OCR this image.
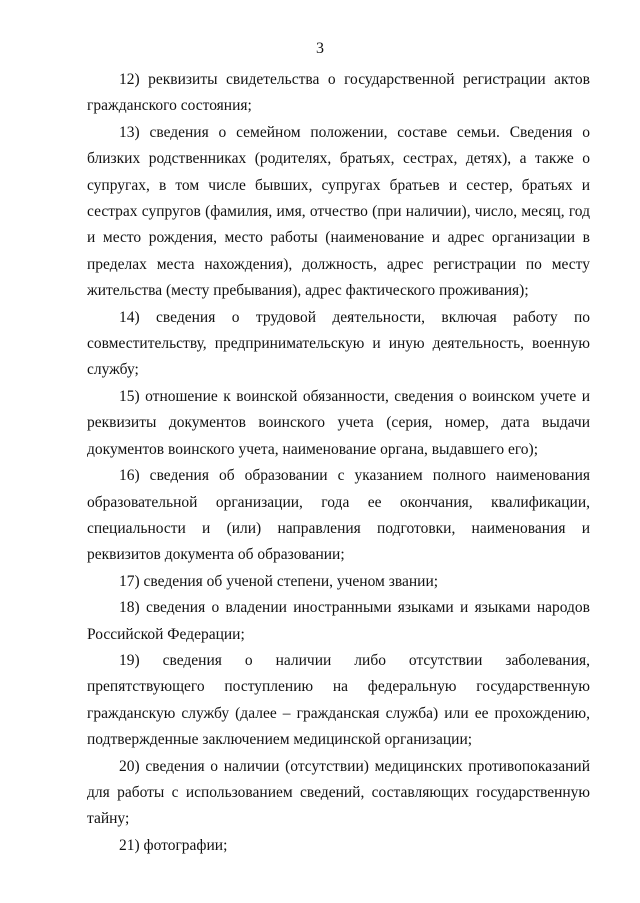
3

12) реквизиты свидетельства о государственной регистрации актов гражданского состояния;

13) сведения о семейном положении, составе семьи. Сведения о близких родственниках (родителях, братьях, сестрах, детях), а также о супругах, в том числе бывших, супругах братьев и сестер, братьях и сестрах супругов (фамилия, имя, отчество (при наличии), число, месяц, год и место рождения, место работы (наименование и адрес организации в пределах места нахождения), должность, адрес регистрации по месту жительства (месту пребывания), адрес фактического проживания);

14) сведения о трудовой деятельности, включая работу по совместительству, предпринимательскую и иную деятельность, военную службу;

15) отношение к воинской обязанности, сведения о воинском учете и реквизиты документов воинского учета (серия, номер, дата выдачи документов воинского учета, наименование органа, выдавшего его);

16) сведения об образовании с указанием полного наименования образовательной организации, года ее окончания, квалификации, специальности и (или) направления подготовки, наименования и реквизитов документа об образовании;

17) сведения об ученой степени, ученом звании;

18) сведения о владении иностранными языками и языками народов Российской Федерации;

19) сведения о наличии либо отсутствии заболевания, препятствующего поступлению на федеральную государственную гражданскую службу (далее – гражданская служба) или ее прохождению, подтвержденные заключением медицинской организации;

20) сведения о наличии (отсутствии) медицинских противопоказаний для работы с использованием сведений, составляющих государственную тайну;

21) фотографии;
